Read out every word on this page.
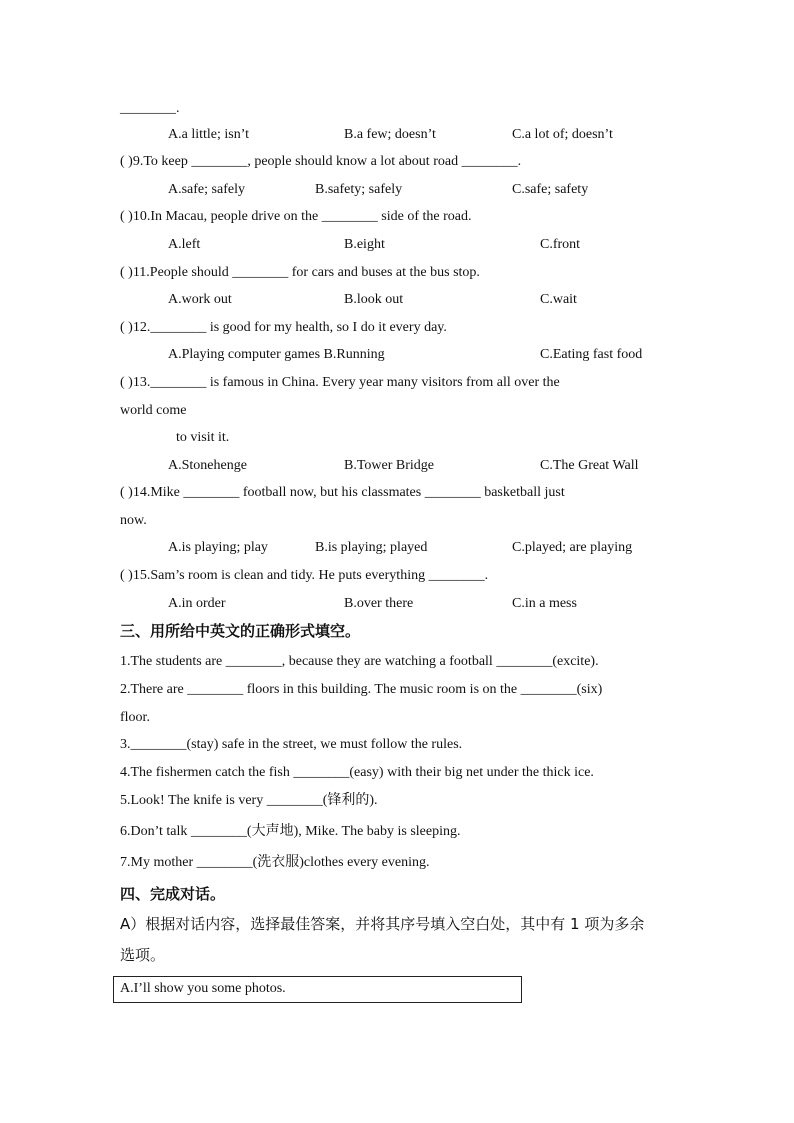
________.
A.a little; isn’t	B.a few; doesn’t	C.a lot of; doesn’t
( )9.To keep ________, people should know a lot about road ________.
A.safe; safely	B.safety; safely	C.safe; safety
( )10.In Macau, people drive on the ________ side of the road.
A.left	B.eight	C.front
( )11.People should ________ for cars and buses at the bus stop.
A.work out	B.look out	C.wait
( )12.________ is good for my health, so I do it every day.
A.Playing computer games B.Running	C.Eating fast food
( )13.________ is famous in China. Every year many visitors from all over the
world come
to visit it.
A.Stonehenge	B.Tower Bridge	C.The Great Wall
( )14.Mike ________ football now, but his classmates ________ basketball just
now.
A.is playing; play	B.is playing; played	C.played; are playing
( )15.Sam’s room is clean and tidy. He puts everything ________.
A.in order	B.over there	C.in a mess
三、用所给中英文的正确形式填空。
1.The students are ________, because they are watching a football ________(excite).
2.There are ________ floors in this building. The music room is on the ________(six)
floor.
3.________(stay) safe in the street, we must follow the rules.
4.The fishermen catch the fish ________(easy) with their big net under the thick ice.
5.Look! The knife is very ________(锋利的).
6.Don’t talk ________(大声地), Mike. The baby is sleeping.
7.My mother ________(洗衣服)clothes every evening.
四、完成对话。
A）根据对话内容，选择最佳答案，并将其序号填入空白处，其中有 1 项为多余
选项。
A.I’ll show you some photos.
